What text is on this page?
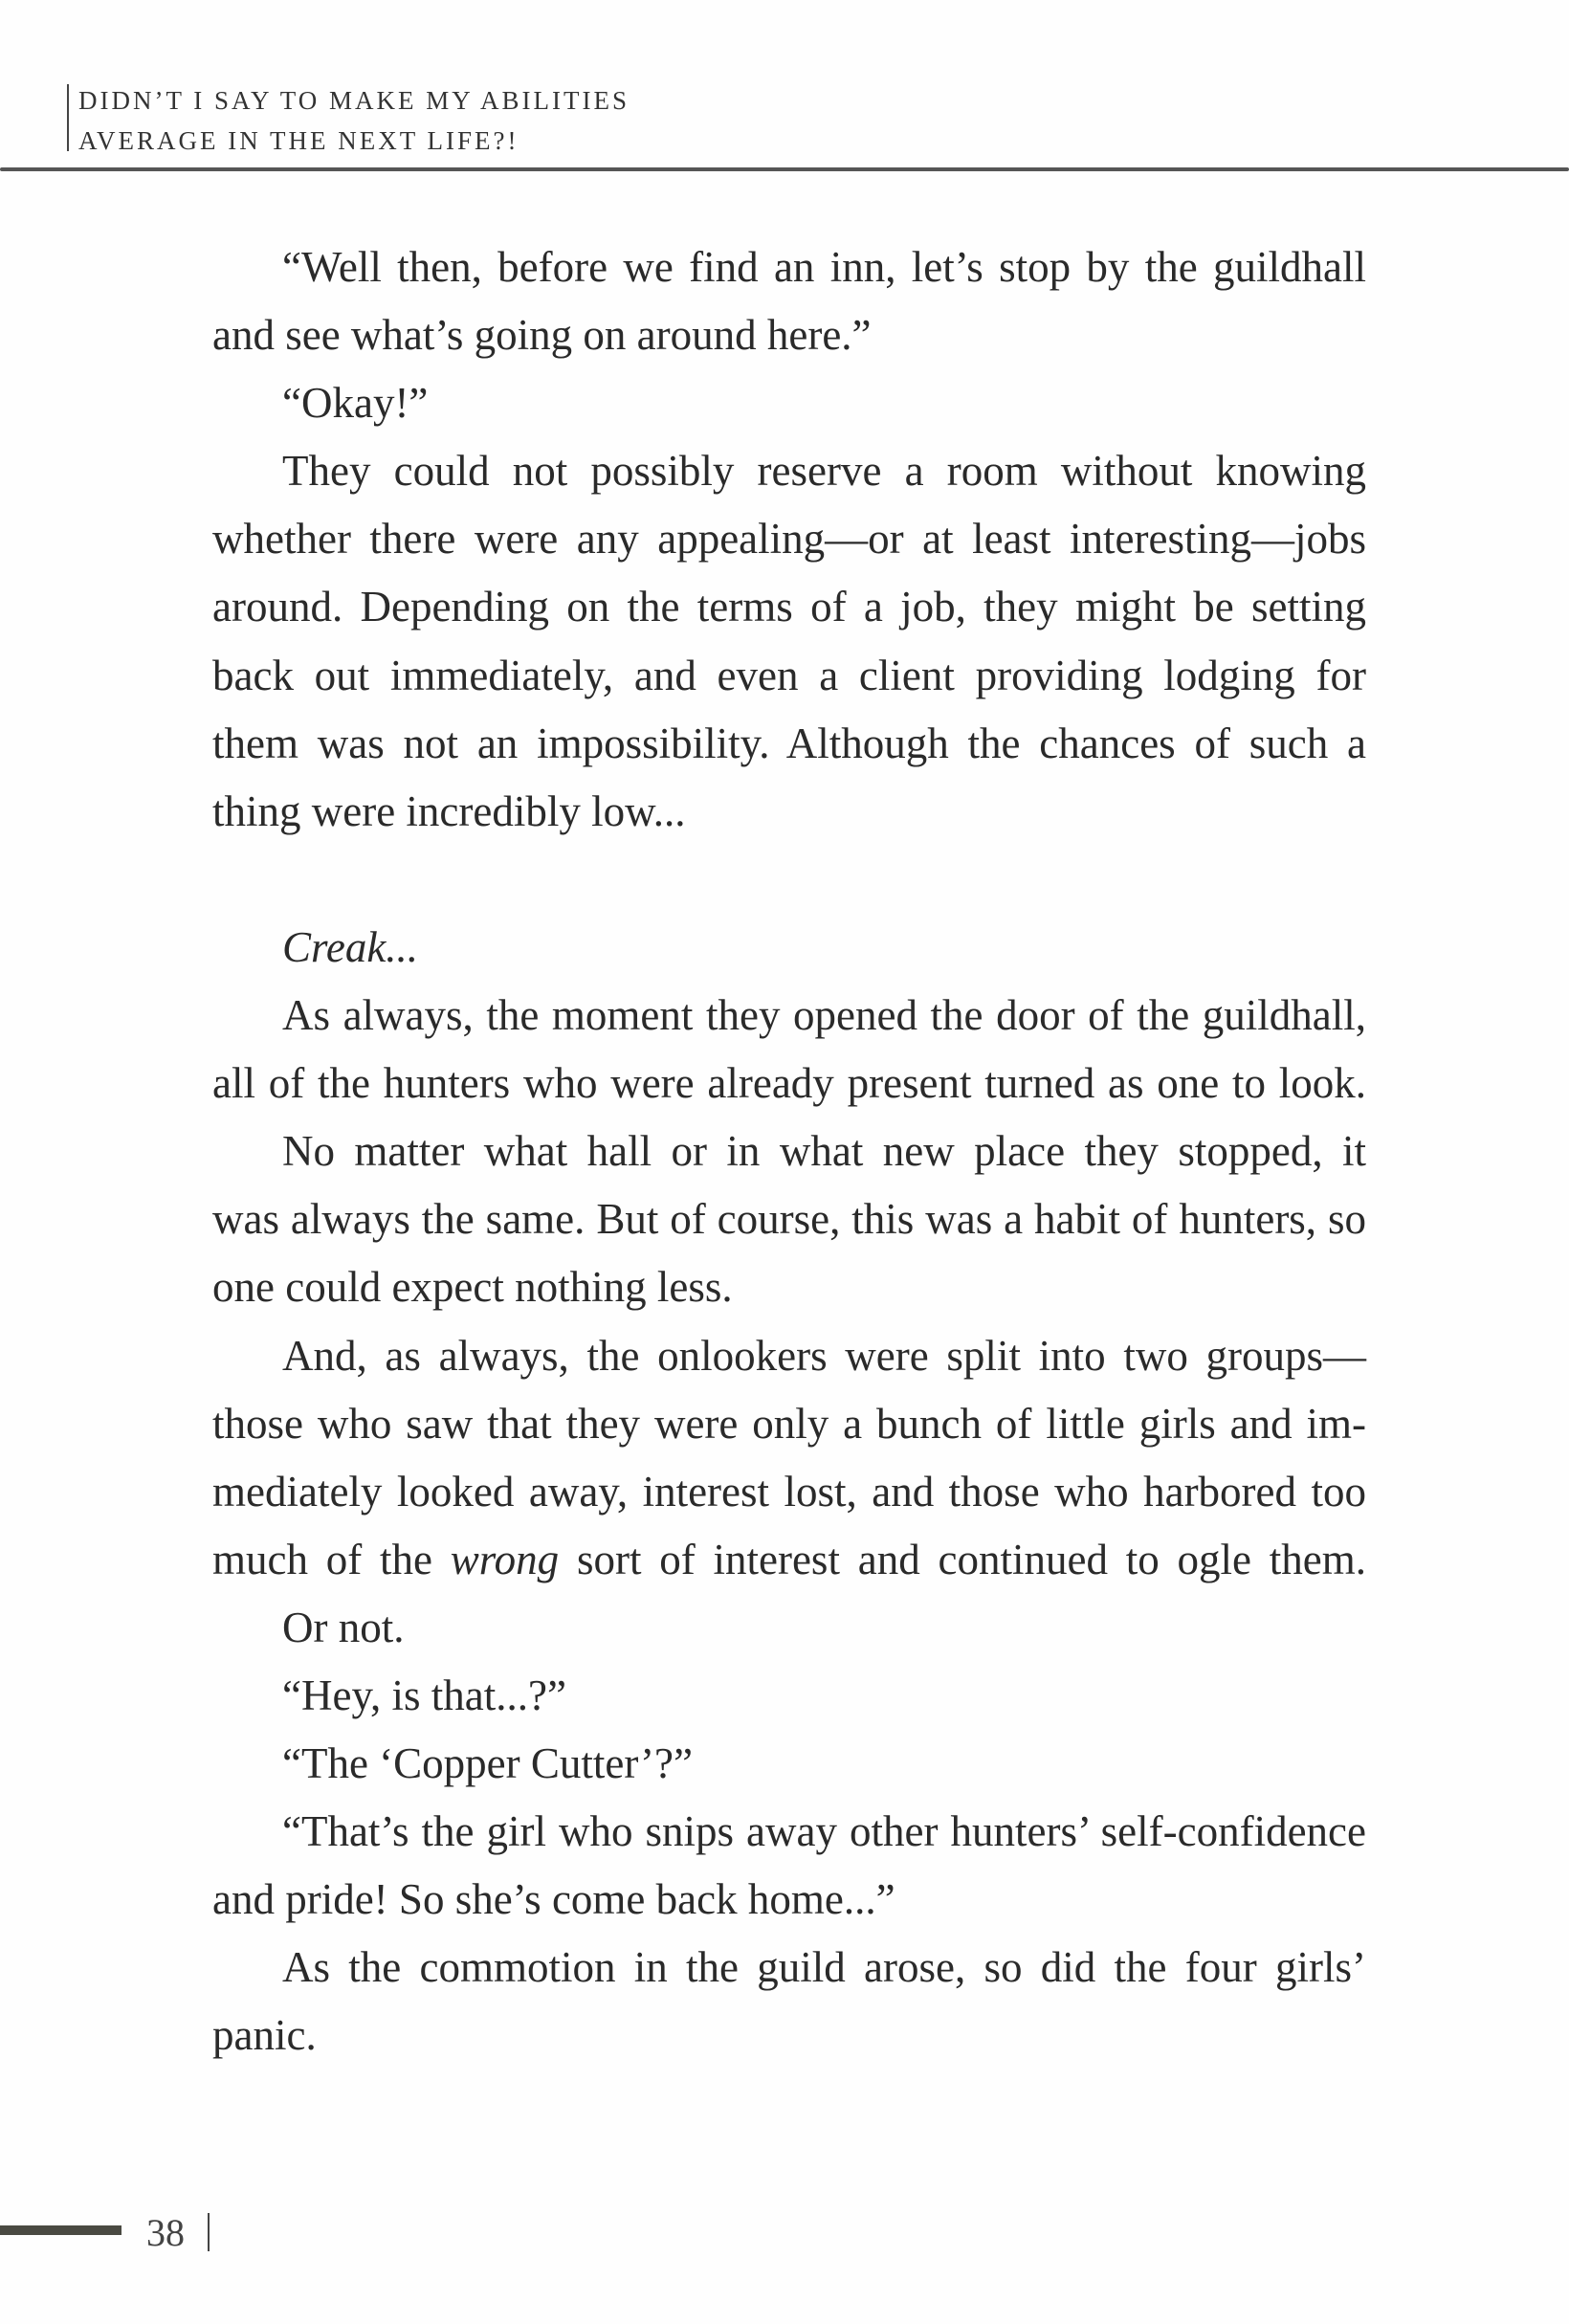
DIDN’T I SAY TO MAKE MY ABILITIES
AVERAGE IN THE NEXT LIFE?!
“Well then, before we find an inn, let’s stop by the guildhall
and see what’s going on around here.”
“Okay!”
They could not possibly reserve a room without knowing
whether there were any appealing—or at least interesting—jobs
around. Depending on the terms of a job, they might be setting
back out immediately, and even a client providing lodging for
them was not an impossibility. Although the chances of such a
thing were incredibly low...
Creak...
As always, the moment they opened the door of the guildhall,
all of the hunters who were already present turned as one to look.
No matter what hall or in what new place they stopped, it
was always the same. But of course, this was a habit of hunters, so
one could expect nothing less.
And, as always, the onlookers were split into two groups—
those who saw that they were only a bunch of little girls and im-
mediately looked away, interest lost, and those who harbored too
much of the wrong sort of interest and continued to ogle them.
Or not.
“Hey, is that...?”
“The ‘Copper Cutter’?”
“That’s the girl who snips away other hunters’ self-confidence
and pride! So she’s come back home...”
As the commotion in the guild arose, so did the four girls’
panic.
38
